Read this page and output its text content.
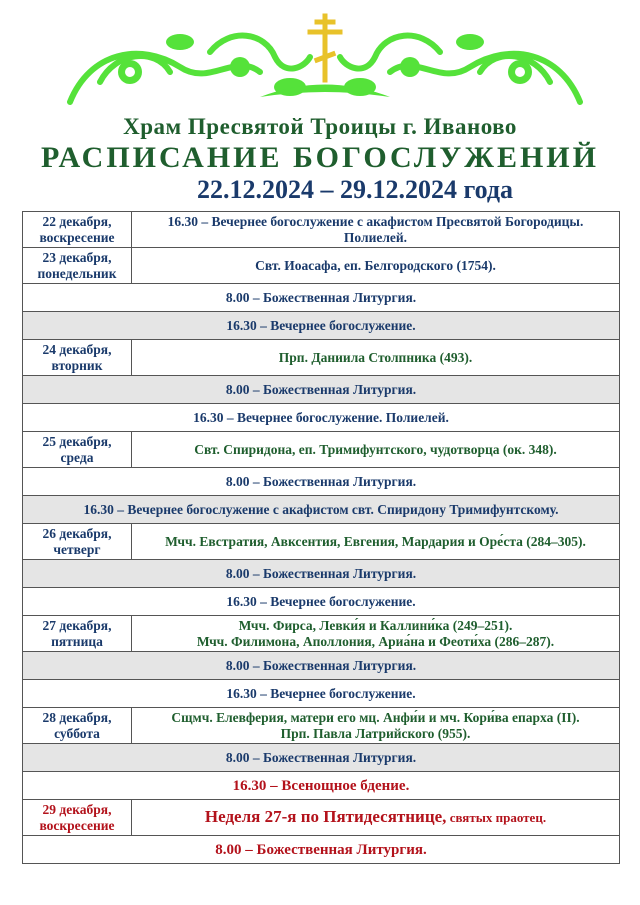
Храм Пресвятой Троицы г. Иваново
РАСПИСАНИЕ БОГОСЛУЖЕНИЙ
22.12.2024 – 29.12.2024 года
22 декабря,
воскресение	16.30 – Вечернее богослужение с акафистом Пресвятой Богородицы.
Полиелей.
23 декабря,
понедельник	Свт. Иоасафа, еп. Белгородского (1754).
8.00 – Божественная Литургия.	
16.30 – Вечернее богослужение.	
24 декабря,
вторник	Прп. Даниила Столпника (493).
8.00 – Божественная Литургия.	
16.30 – Вечернее богослужение. Полиелей.	
25 декабря,
среда	Свт. Спиридона, еп. Тримифунтского, чудотворца (ок. 348).
8.00 – Божественная Литургия.	
16.30 – Вечернее богослужение с акафистом свт. Спиридону Тримифунтскому.	
26 декабря,
четверг	Мчч. Евстратия, Авксентия, Евгения, Мардария и Оре́ста (284–305).
8.00 – Божественная Литургия.	
16.30 – Вечернее богослужение.	
27 декабря,
пятница	Мчч. Фирса, Левки́я и Каллини́ка (249–251).
Мчч. Филимона, Аполлония, Ариа́на и Феоти́ха (286–287).
8.00 – Божественная Литургия.	
16.30 – Вечернее богослужение.	
28 декабря,
суббота	Сщмч. Елевферия, матери его мц. Анфи́и и мч. Кори́ва епарха (II).
Прп. Павла Латрийского (955).
8.00 – Божественная Литургия.	
16.30 – Всенощное бдение.	
29 декабря,
воскресение	Неделя 27-я по Пятидесятнице, святых праотец.
8.00 – Божественная Литургия.	
